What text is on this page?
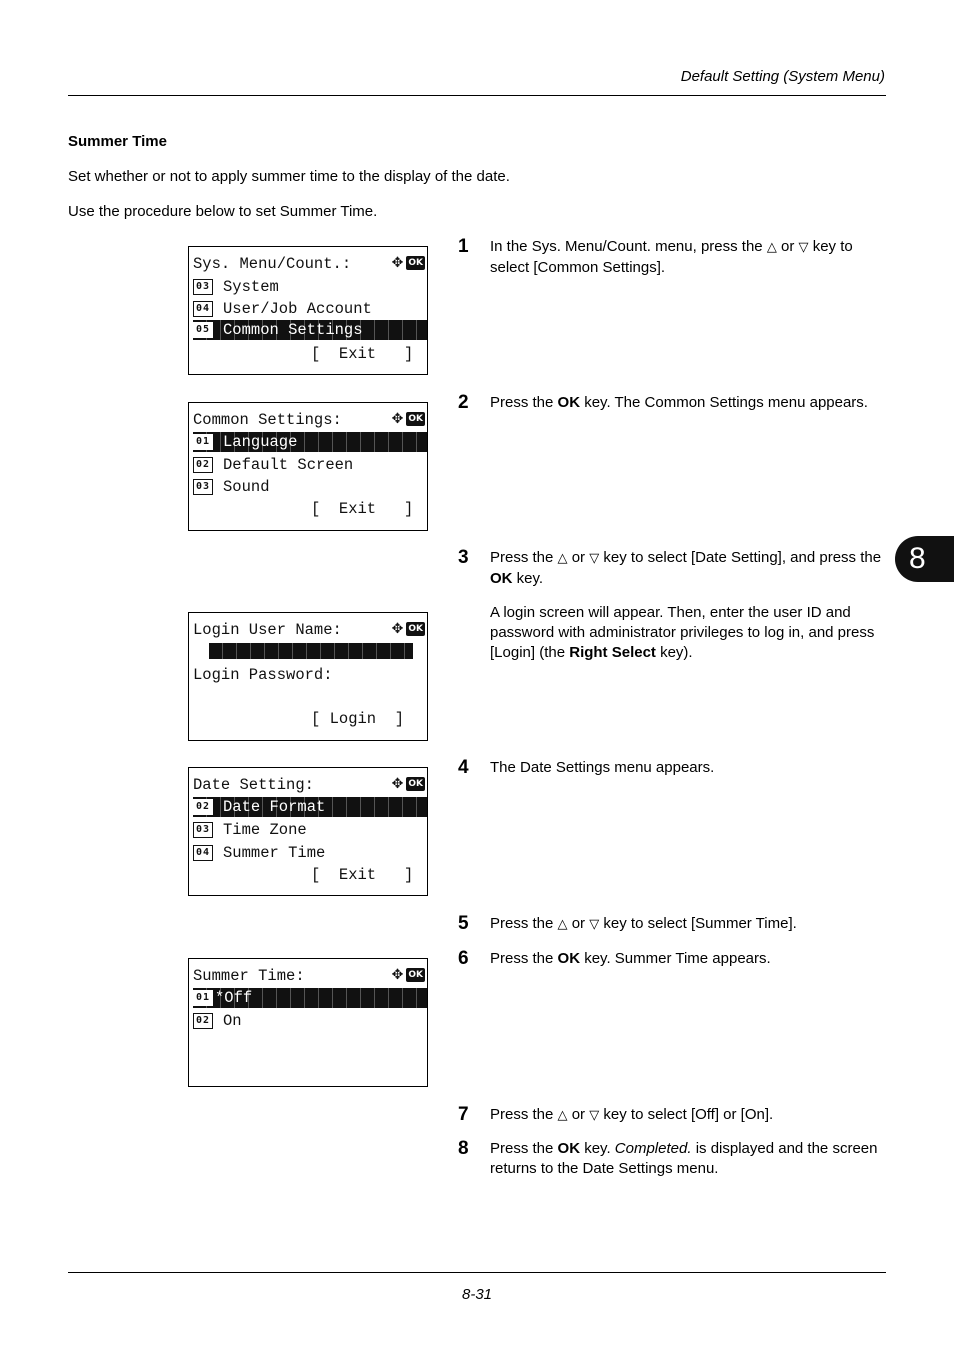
Default Setting (System Menu)
Summer Time
Set whether or not to apply summer time to the display of the date.
Use the procedure below to set Summer Time.
Sys. Menu/Count.:	✥ OK
03 System
04 User/Job Account
05 Common Settings
[  Exit   ]
Common Settings:	✥ OK
01 Language
02 Default Screen
03 Sound
[  Exit   ]
Login User Name:	✥ OK
Login Password:
[ Login  ]
Date Setting:	✥ OK
02 Date Format
03 Time Zone
04 Summer Time
[  Exit   ]
Summer Time:	✥ OK
01 *Off
02 On
1 In the Sys. Menu/Count. menu, press the △ or ▽ key to select [Common Settings].
2 Press the OK key. The Common Settings menu appears.
3 Press the △ or ▽ key to select [Date Setting], and press the OK key.
A login screen will appear. Then, enter the user ID and password with administrator privileges to log in, and press [Login] (the Right Select key).
4 The Date Settings menu appears.
5 Press the △ or ▽ key to select [Summer Time].
6 Press the OK key. Summer Time appears.
7 Press the △ or ▽ key to select [Off] or [On].
8 Press the OK key. Completed. is displayed and the screen returns to the Date Settings menu.
8
8-31
